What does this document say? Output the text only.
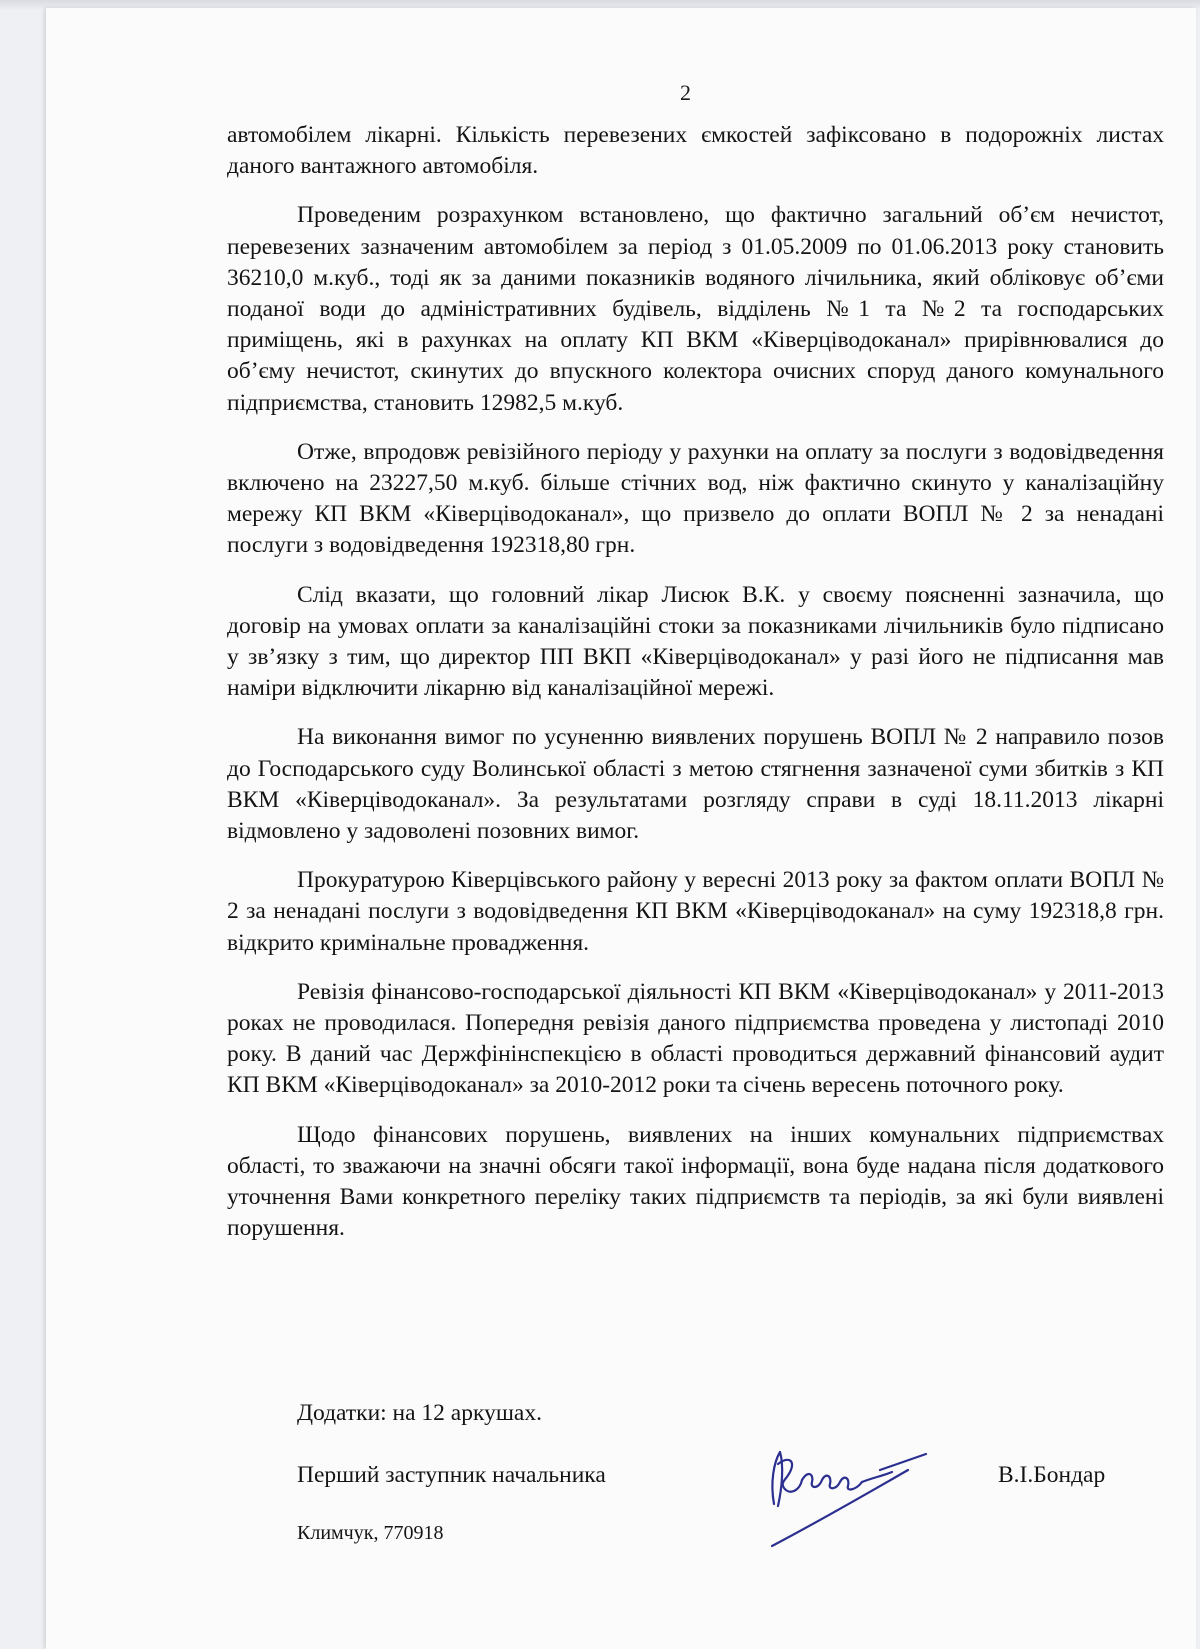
2

автомобілем лікарні. Кількість перевезених ємкостей зафіксовано в подорожніх листах даного вантажного автомобіля.

Проведеним розрахунком встановлено, що фактично загальний об’єм нечистот, перевезених зазначеним автомобілем за період з 01.05.2009 по 01.06.2013 року становить 36210,0 м.куб., тоді як за даними показників водяного лічильника, який обліковує об’єми поданої води до адміністративних будівель, відділень №1 та №2 та господарських приміщень, які в рахунках на оплату КП ВКМ «Ківерціводоканал» прирівнювалися до об’єму нечистот, скинутих до впускного колектора очисних споруд даного комунального підприємства, становить 12982,5 м.куб.

Отже, впродовж ревізійного періоду у рахунки на оплату за послуги з водовідведення включено на 23227,50 м.куб. більше стічних вод, ніж фактично скинуто у каналізаційну мережу КП ВКМ «Ківерціводоканал», що призвело до оплати ВОПЛ № 2 за ненадані послуги з водовідведення 192318,80 грн.

Слід вказати, що головний лікар Лисюк В.К. у своєму поясненні зазначила, що договір на умовах оплати за каналізаційні стоки за показниками лічильників було підписано у зв’язку з тим, що директор ПП ВКП «Ківерціводоканал» у разі його не підписання мав наміри відключити лікарню від каналізаційної мережі.

На виконання вимог по усуненню виявлених порушень ВОПЛ № 2 направило позов до Господарського суду Волинської області з метою стягнення зазначеної суми збитків з КП ВКМ «Ківерціводоканал». За результатами розгляду справи в суді 18.11.2013 лікарні відмовлено у задоволені позовних вимог.

Прокуратурою Ківерцівського району у вересні 2013 року за фактом оплати ВОПЛ № 2 за ненадані послуги з водовідведення КП ВКМ «Ківерціводоканал» на суму 192318,8 грн. відкрито кримінальне провадження.

Ревізія фінансово-господарської діяльності КП ВКМ «Ківерціводоканал» у 2011-2013 роках не проводилася. Попередня ревізія даного підприємства проведена у листопаді 2010 року. В даний час Держфінінспекцією в області проводиться державний фінансовий аудит КП ВКМ «Ківерціводоканал» за 2010-2012 роки та січень вересень поточного року.

Щодо фінансових порушень, виявлених на інших комунальних підприємствах області, то зважаючи на значні обсяги такої інформації, вона буде надана після додаткового уточнення Вами конкретного переліку таких підприємств та періодів, за які були виявлені порушення.

Додатки: на 12 аркушах.
Перший заступник начальника	В.І.Бондар
Климчук, 770918
